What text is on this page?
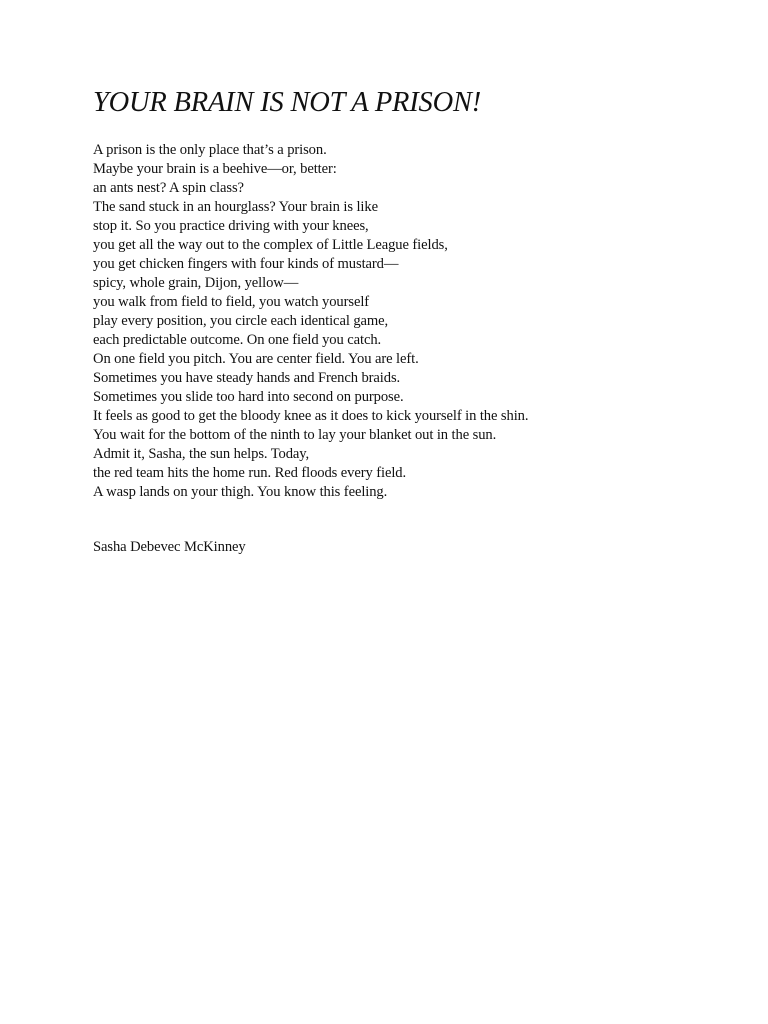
YOUR BRAIN IS NOT A PRISON!
A prison is the only place that’s a prison.
Maybe your brain is a beehive—or, better:
an ants nest? A spin class?
The sand stuck in an hourglass? Your brain is like
stop it. So you practice driving with your knees,
you get all the way out to the complex of Little League fields,
you get chicken fingers with four kinds of mustard—
spicy, whole grain, Dijon, yellow—
you walk from field to field, you watch yourself
play every position, you circle each identical game,
each predictable outcome. On one field you catch.
On one field you pitch. You are center field. You are left.
Sometimes you have steady hands and French braids.
Sometimes you slide too hard into second on purpose.
It feels as good to get the bloody knee as it does to kick yourself in the shin.
You wait for the bottom of the ninth to lay your blanket out in the sun.
Admit it, Sasha, the sun helps. Today,
the red team hits the home run. Red floods every field.
A wasp lands on your thigh. You know this feeling.
Sasha Debevec McKinney
